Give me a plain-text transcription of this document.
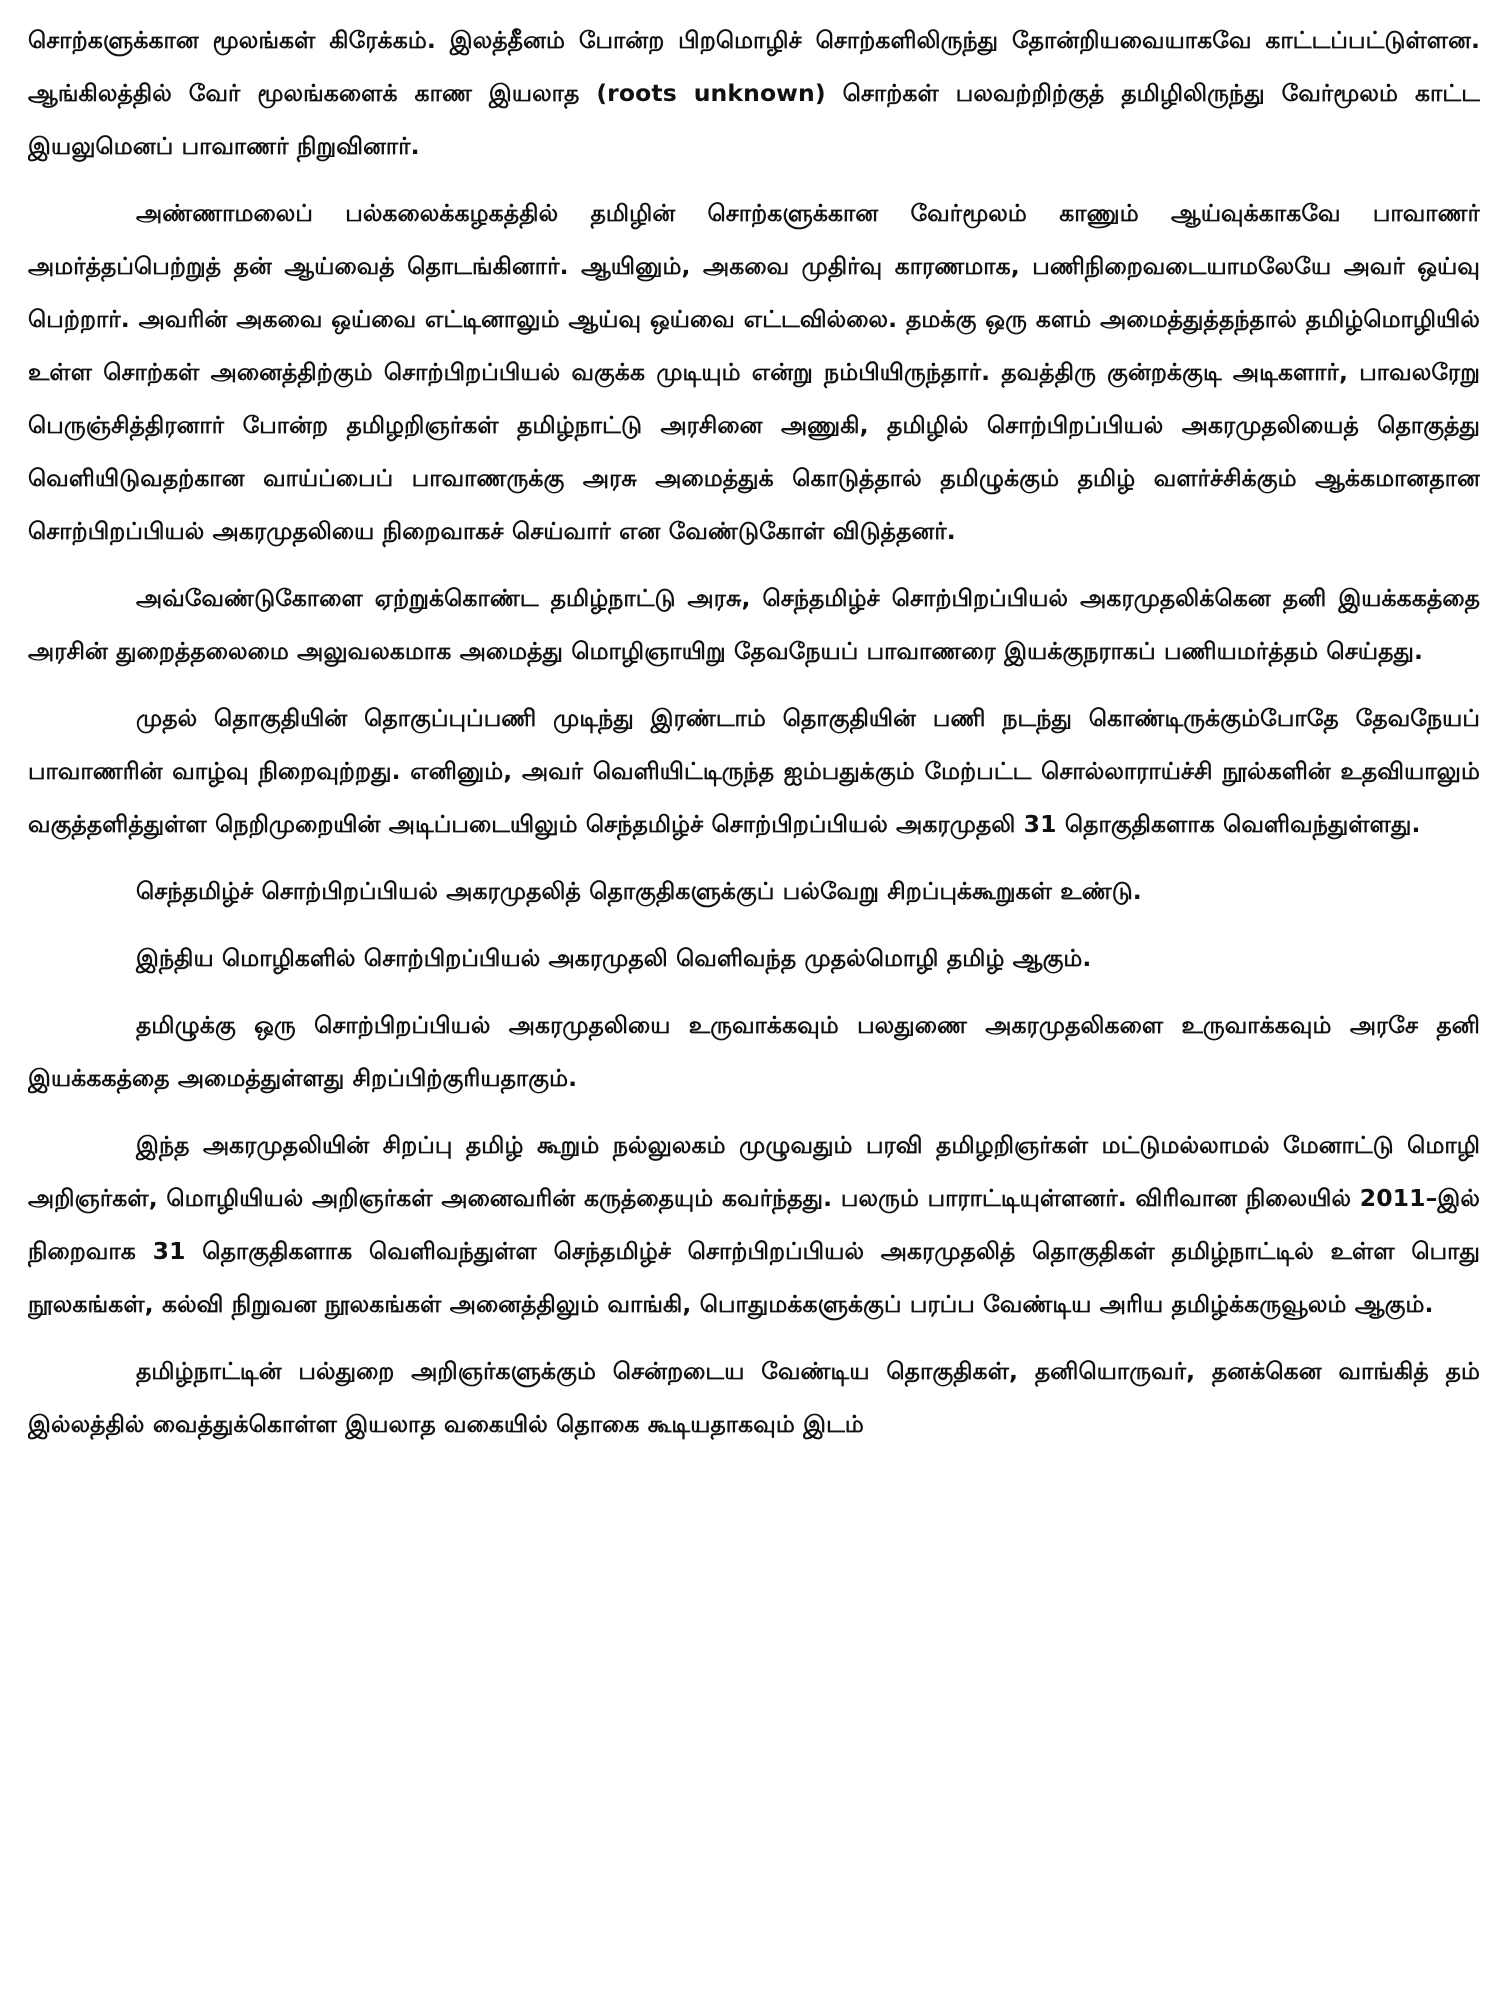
சொற்களுக்கான மூலங்கள் கிரேக்கம். இலத்தீனம் போன்ற பிறமொழிச் சொற்களிலிருந்து தோன்றியவையாகவே காட்டப்பட்டுள்ளன. ஆங்கிலத்தில் வேர் மூலங்களைக் காண இயலாத (roots unknown) சொற்கள் பலவற்றிற்குத் தமிழிலிருந்து வேர்மூலம் காட்ட இயலுமெனப் பாவாணர் நிறுவினார்.

அண்ணாமலைப் பல்கலைக்கழகத்தில் தமிழின் சொற்களுக்கான வேர்மூலம் காணும் ஆய்வுக்காகவே பாவாணர் அமர்த்தப்பெற்றுத் தன் ஆய்வைத் தொடங்கினார். ஆயினும், அகவை முதிர்வு காரணமாக, பணிநிறைவடையாமலேயே அவர் ஒய்வு பெற்றார். அவரின் அகவை ஒய்வை எட்டினாலும் ஆய்வு ஒய்வை எட்டவில்லை. தமக்கு ஒரு களம் அமைத்துத்தந்தால் தமிழ்மொழியில் உள்ள சொற்கள் அனைத்திற்கும் சொற்பிறப்பியல் வகுக்க முடியும் என்று நம்பியிருந்தார். தவத்திரு குன்றக்குடி அடிகளார், பாவலரேறு பெருஞ்சித்திரனார் போன்ற தமிழறிஞர்கள் தமிழ்நாட்டு அரசினை அணுகி, தமிழில் சொற்பிறப்பியல் அகரமுதலியைத் தொகுத்து வெளியிடுவதற்கான வாய்ப்பைப் பாவாணருக்கு அரசு அமைத்துக் கொடுத்தால் தமிழுக்கும் தமிழ் வளர்ச்சிக்கும் ஆக்கமானதான சொற்பிறப்பியல் அகரமுதலியை நிறைவாகச் செய்வார் என வேண்டுகோள் விடுத்தனர்.

அவ்வேண்டுகோளை ஏற்றுக்கொண்ட தமிழ்நாட்டு அரசு, செந்தமிழ்ச் சொற்பிறப்பியல் அகரமுதலிக்கென தனி இயக்ககத்தை அரசின் துறைத்தலைமை அலுவலகமாக அமைத்து மொழிஞாயிறு தேவநேயப் பாவாணரை இயக்குநராகப் பணியமர்த்தம் செய்தது.

முதல் தொகுதியின் தொகுப்புப்பணி முடிந்து இரண்டாம் தொகுதியின் பணி நடந்து கொண்டிருக்கும்போதே தேவநேயப் பாவாணரின் வாழ்வு நிறைவுற்றது. எனினும், அவர் வெளியிட்டிருந்த ஐம்பதுக்கும் மேற்பட்ட சொல்லாராய்ச்சி நூல்களின் உதவியாலும் வகுத்தளித்துள்ள நெறிமுறையின் அடிப்படையிலும் செந்தமிழ்ச் சொற்பிறப்பியல் அகரமுதலி 31 தொகுதிகளாக வெளிவந்துள்ளது.

செந்தமிழ்ச் சொற்பிறப்பியல் அகரமுதலித் தொகுதிகளுக்குப் பல்வேறு சிறப்புக்கூறுகள் உண்டு.

இந்திய மொழிகளில் சொற்பிறப்பியல் அகரமுதலி வெளிவந்த முதல்மொழி தமிழ் ஆகும்.

தமிழுக்கு ஒரு சொற்பிறப்பியல் அகரமுதலியை உருவாக்கவும் பலதுணை அகரமுதலிகளை உருவாக்கவும் அரசே தனி இயக்ககத்தை அமைத்துள்ளது சிறப்பிற்குரியதாகும்.

இந்த அகரமுதலியின் சிறப்பு தமிழ் கூறும் நல்லுலகம் முழுவதும் பரவி தமிழறிஞர்கள் மட்டுமல்லாமல் மேனாட்டு மொழி அறிஞர்கள், மொழியியல் அறிஞர்கள் அனைவரின் கருத்தையும் கவர்ந்தது. பலரும் பாராட்டியுள்ளனர். விரிவான நிலையில் 2011–இல் நிறைவாக 31 தொகுதிகளாக வெளிவந்துள்ள செந்தமிழ்ச் சொற்பிறப்பியல் அகரமுதலித் தொகுதிகள் தமிழ்நாட்டில் உள்ள பொது நூலகங்கள், கல்வி நிறுவன நூலகங்கள் அனைத்திலும் வாங்கி, பொதுமக்களுக்குப் பரப்ப வேண்டிய அரிய தமிழ்க்கருவூலம் ஆகும்.

தமிழ்நாட்டின் பல்துறை அறிஞர்களுக்கும் சென்றடைய வேண்டிய தொகுதிகள், தனியொருவர், தனக்கென வாங்கித் தம் இல்லத்தில் வைத்துக்கொள்ள இயலாத வகையில் தொகை கூடியதாகவும் இடம்
